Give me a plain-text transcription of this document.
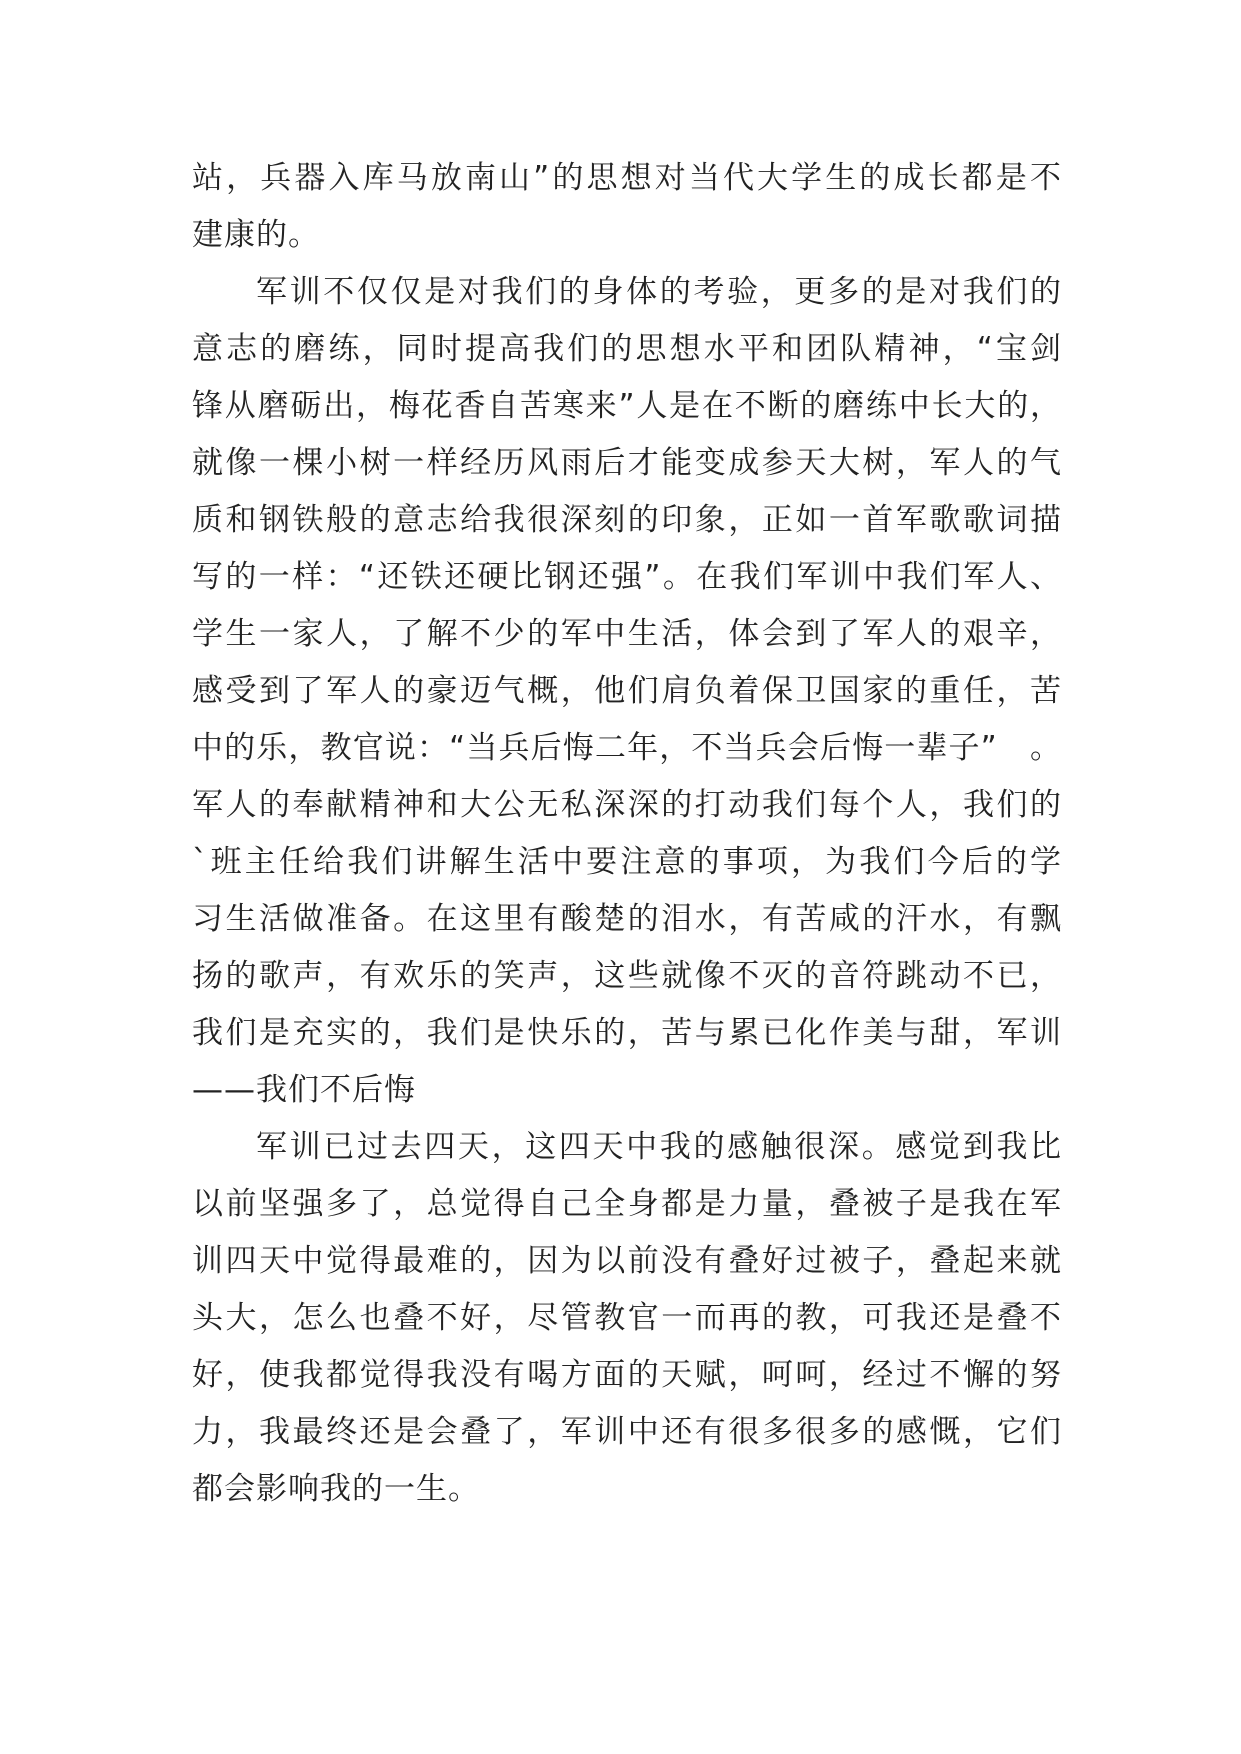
站，兵器入库马放南山”的思想对当代大学生的成长都是不
建康的。
军训不仅仅是对我们的身体的考验，更多的是对我们的
意志的磨练，同时提高我们的思想水平和团队精神，“宝剑
锋从磨砺出，梅花香自苦寒来”人是在不断的磨练中长大的，
就像一棵小树一样经历风雨后才能变成参天大树，军人的气
质和钢铁般的意志给我很深刻的印象，正如一首军歌歌词描
写的一样：“还铁还硬比钢还强”。在我们军训中我们军人、
学生一家人，了解不少的军中生活，体会到了军人的艰辛，
感受到了军人的豪迈气概，他们肩负着保卫国家的重任，苦
中的乐，教官说：“当兵后悔二年，不当兵会后悔一辈子”　。
军人的奉献精神和大公无私深深的打动我们每个人，我们的
`班主任给我们讲解生活中要注意的事项，为我们今后的学
习生活做准备。在这里有酸楚的泪水，有苦咸的汗水，有飘
扬的歌声，有欢乐的笑声，这些就像不灭的音符跳动不已，
我们是充实的，我们是快乐的，苦与累已化作美与甜，军训
——我们不后悔
军训已过去四天，这四天中我的感触很深。感觉到我比
以前坚强多了，总觉得自己全身都是力量，叠被子是我在军
训四天中觉得最难的，因为以前没有叠好过被子，叠起来就
头大，怎么也叠不好，尽管教官一而再的教，可我还是叠不
好，使我都觉得我没有喝方面的天赋，呵呵，经过不懈的努
力，我最终还是会叠了，军训中还有很多很多的感慨，它们
都会影响我的一生。
